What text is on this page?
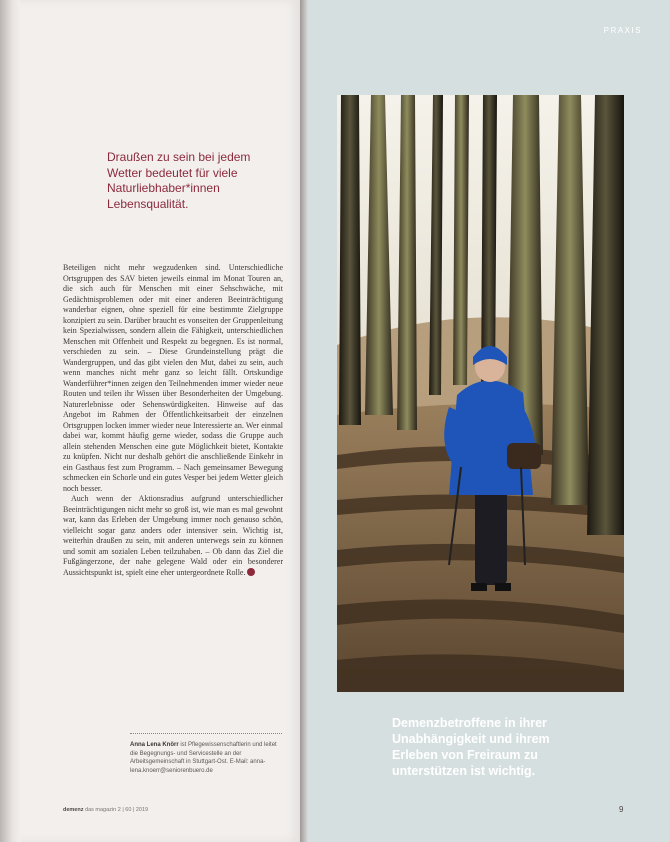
Draußen zu sein bei jedem Wetter bedeutet für viele Naturliebhaber*innen Lebensqualität.

Beteiligen nicht mehr wegzudenken sind. Unterschiedliche Ortsgruppen des SAV bieten jeweils einmal im Monat Touren an, die sich auch für Menschen mit einer Sehschwäche, mit Gedächtnisproblemen oder mit einer anderen Beeinträchtigung wanderbar eignen, ohne speziell für eine bestimmte Zielgruppe konzipiert zu sein. Darüber braucht es vonseiten der Gruppenleitung kein Spezialwissen, sondern allein die Fähigkeit, unterschiedlichen Menschen mit Offenheit und Respekt zu begegnen. Es ist normal, verschieden zu sein. – Diese Grundeinstellung prägt die Wandergruppen, und das gibt vielen den Mut, dabei zu sein, auch wenn manches nicht mehr ganz so leicht fällt. Ortskundige Wanderführer*innen zeigen den Teilnehmenden immer wieder neue Routen und teilen ihr Wissen über Besonderheiten der Umgebung. Naturerlebnisse oder Sehenswürdigkeiten. Hinweise auf das Angebot im Rahmen der Öffentlichkeitsarbeit der einzelnen Ortsgruppen locken immer wieder neue Interessierte an. Wer einmal dabei war, kommt häufig gerne wieder, sodass die Gruppe auch allein stehenden Menschen eine gute Möglichkeit bietet, Kontakte zu knüpfen. Nicht nur deshalb gehört die anschließende Einkehr in ein Gasthaus fest zum Programm. – Nach gemeinsamer Bewegung schmecken ein Schorle und ein gutes Vesper bei jedem Wetter gleich noch besser.

Auch wenn der Aktionsradius aufgrund unterschiedlicher Beeinträchtigungen nicht mehr so groß ist, wie man es mal gewohnt war, kann das Erleben der Umgebung immer noch genauso schön, vielleicht sogar ganz anders oder intensiver sein. Wichtig ist, weiterhin draußen zu sein, mit anderen unterwegs sein zu können und somit am sozialen Leben teilzuhaben. – Ob dann das Ziel die Fußgängerzone, der nahe gelegene Wald oder ein besonderer Aussichtspunkt ist, spielt eine eher untergeordnete Rolle.

Anna Lena Knörr ist Pflegewissenschaftlerin und leitet die Begegnungs- und Servicestelle an der Arbeitsgemeinschaft in Stuttgart-Ost. E-Mail: anna-lena.knoerr@seniorenbuero.de

demenz das magazin 2 | 60 | 2019
PRAXIS

Demenzbetroffene in ihrer Unabhängigkeit und ihrem Erleben von Freiraum zu unterstützen ist wichtig.

9
